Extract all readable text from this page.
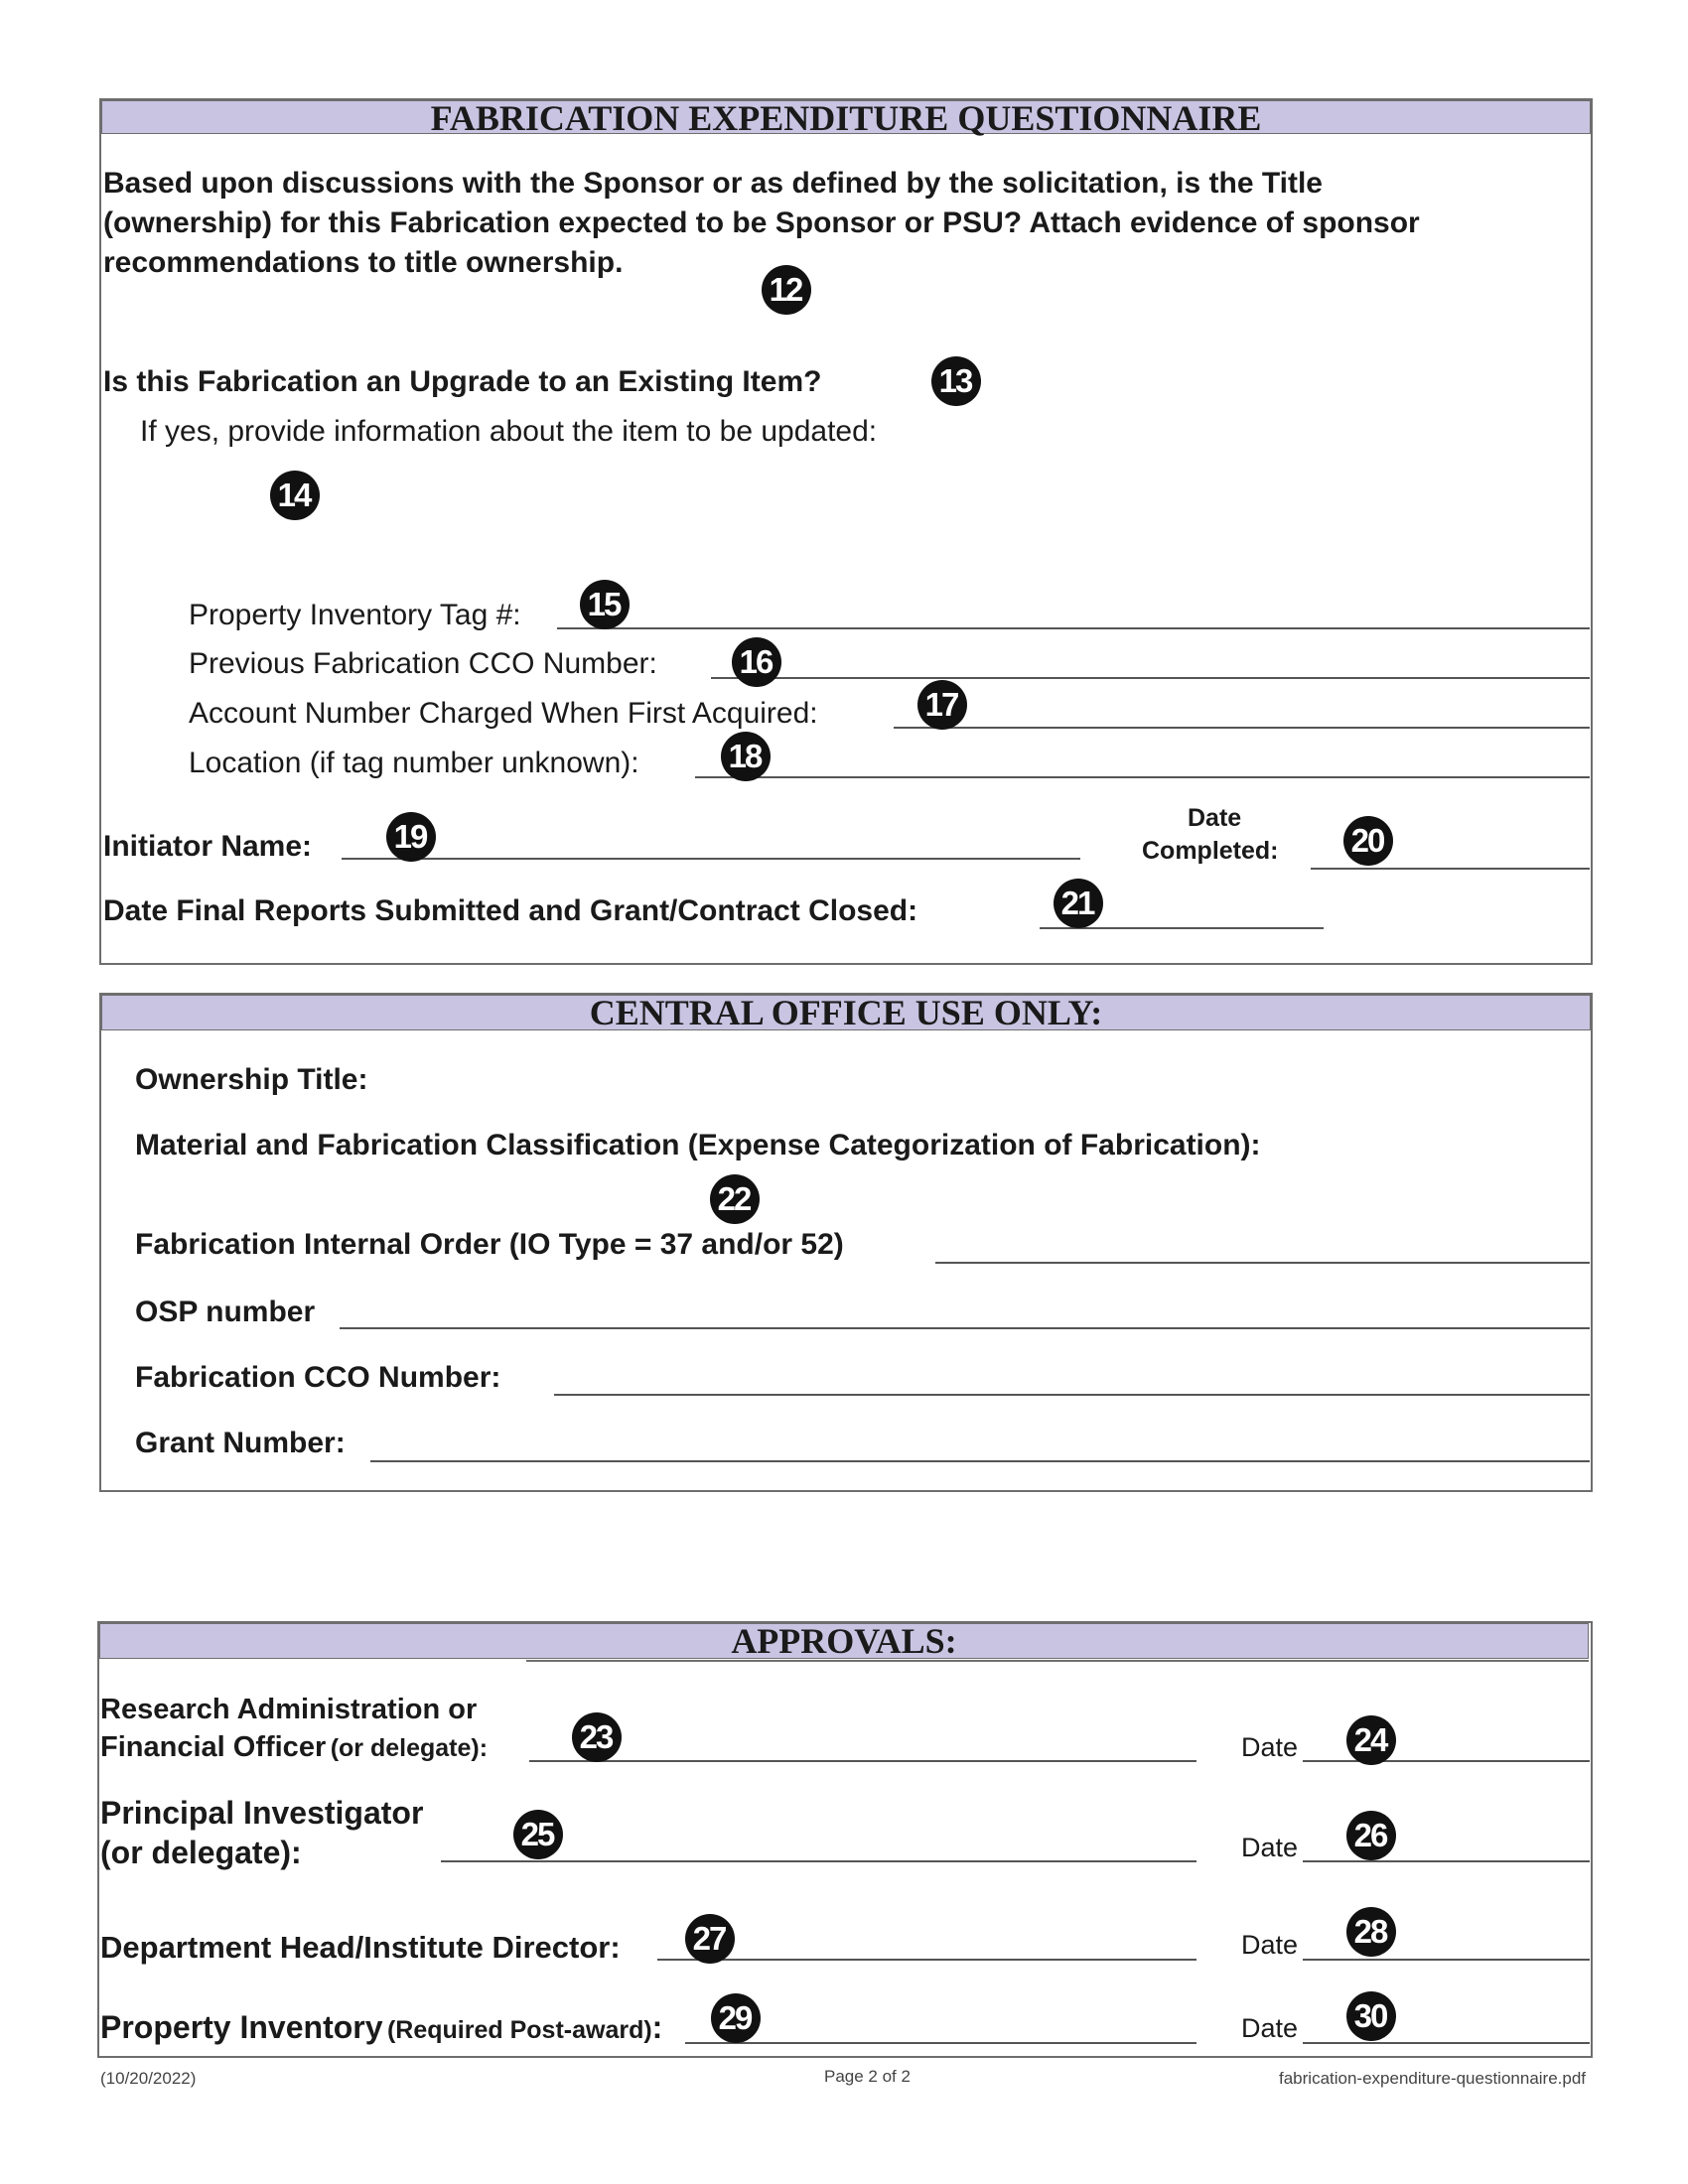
FABRICATION EXPENDITURE QUESTIONNAIRE
Based upon discussions with the Sponsor or as defined by the solicitation, is the Title
(ownership) for this Fabrication expected to be Sponsor or PSU? Attach evidence of sponsor
recommendations to title ownership.
12
Is this Fabrication an Upgrade to an Existing Item?	13
If yes, provide information about the item to be updated:
14
Property Inventory Tag #: 15
Previous Fabrication CCO Number:	16
Account Number Charged When First Acquired:	17
Location (if tag number unknown):	18
Initiator Name:	19	Date
Completed: 20
Date Final Reports Submitted and Grant/Contract Closed:	21
CENTRAL OFFICE USE ONLY:
Ownership Title:
Material and Fabrication Classification (Expense Categorization of Fabrication):
22
Fabrication Internal Order (IO Type = 37 and/or 52)
OSP number
Fabrication CCO Number:
Grant Number:
APPROVALS:
Research Administration or
Financial Officer (or delegate):	23	Date 24
Principal Investigator
(or delegate):	25	Date 26
Department Head/Institute Director: 27	Date 28
Property Inventory (Required Post-award): 29	Date 30
(10/20/2022)	Page 2 of 2	fabrication-expenditure-questionnaire.pdf
